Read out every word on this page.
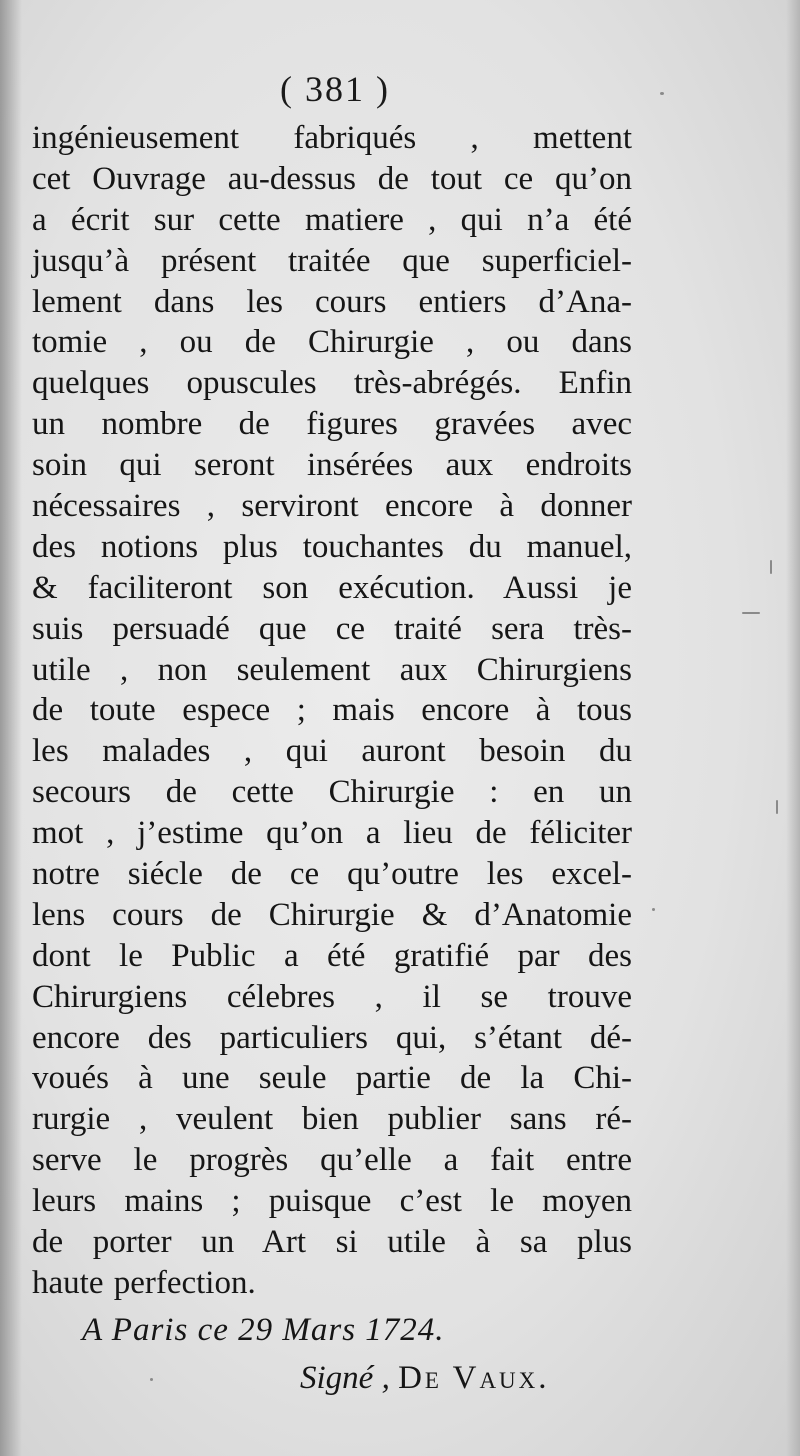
( 381 )
ingénieusement fabriqués , mettent
cet Ouvrage au-dessus de tout ce qu’on
a écrit sur cette matiere , qui n’a été
jusqu’à présent traitée que superficiel-
lement dans les cours entiers d’Ana-
tomie , ou de Chirurgie , ou dans
quelques opuscules très-abrégés. Enfin
un nombre de figures gravées avec
soin qui seront insérées aux endroits
nécessaires , serviront encore à donner
des notions plus touchantes du manuel,
& faciliteront son exécution. Aussi je
suis persuadé que ce traité sera très-
utile , non seulement aux Chirurgiens
de toute espece ; mais encore à tous
les malades , qui auront besoin du
secours de cette Chirurgie : en un
mot , j’estime qu’on a lieu de féliciter
notre siécle de ce qu’outre les excel-
lens cours de Chirurgie & d’Anatomie
dont le Public a été gratifié par des
Chirurgiens célebres , il se trouve
encore des particuliers qui, s’étant dé-
voués à une seule partie de la Chi-
rurgie , veulent bien publier sans ré-
serve le progrès qu’elle a fait entre
leurs mains ; puisque c’est le moyen
de porter un Art si utile à sa plus
haute perfection.
A Paris ce 29 Mars 1724.
Signé , De Vaux.
